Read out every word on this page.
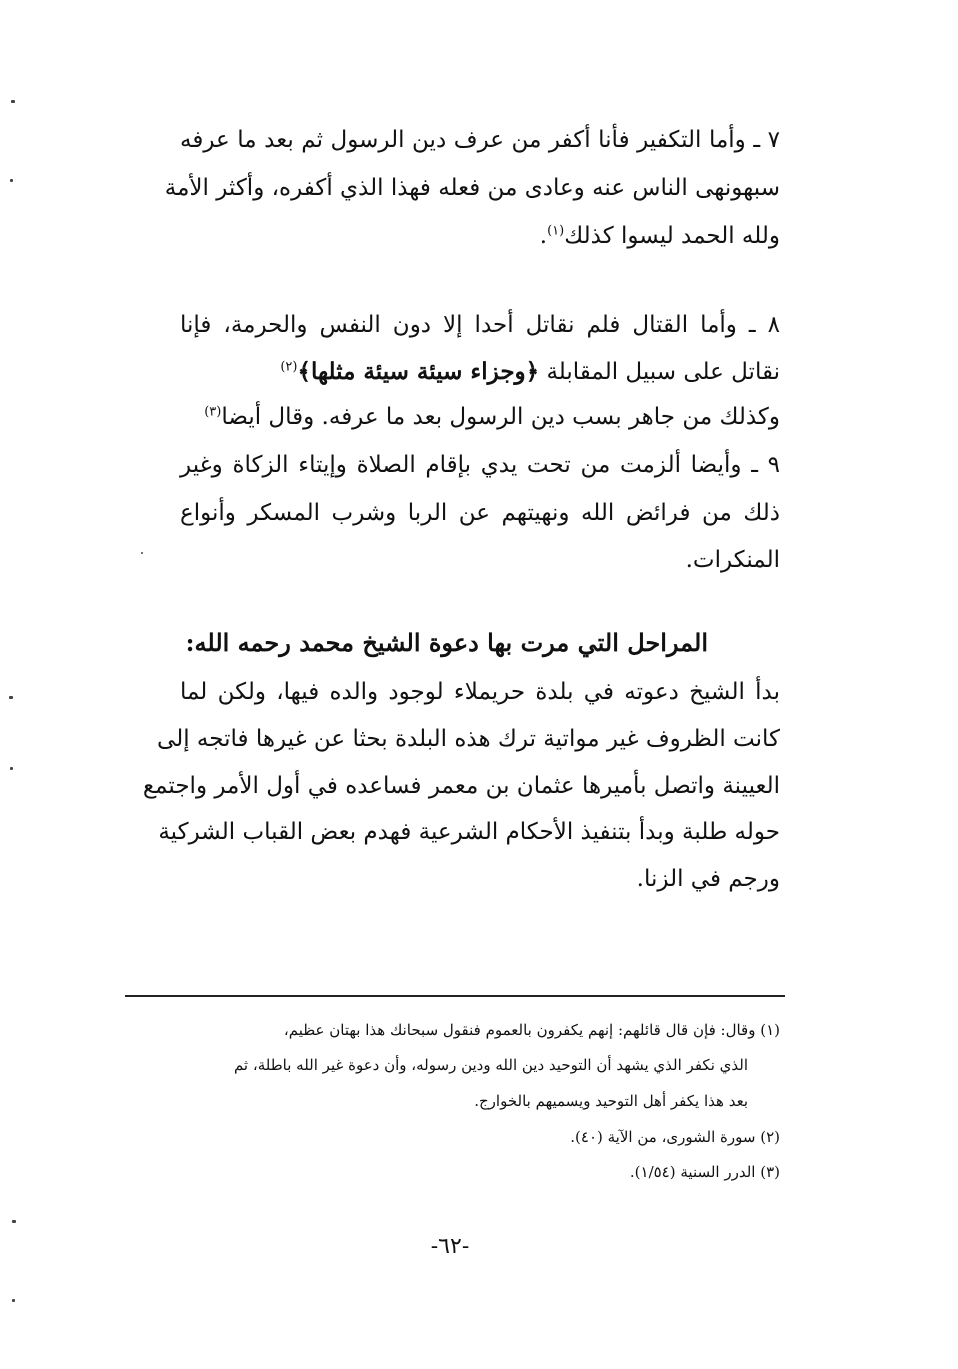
٧ ـ وأما التكفير فأنا أكفر من عرف دين الرسول ثم بعد ما عرفه
سبهونهى الناس عنه وعادى من فعله فهذا الذي أكفره، وأكثر الأمة
ولله الحمد ليسوا كذلك$^{(١)}$.
٨ ـ وأما القتال فلم نقاتل أحدا إلا دون النفس والحرمة، فإنا
نقاتل على سبيل المقابلة ﴿وجزاء سيئة سيئة مثلها﴾$^{(٢)}$
وكذلك من جاهر بسب دين الرسول بعد ما عرفه. وقال أيضا$^{(٣)}$
٩ ـ وأيضا ألزمت من تحت يدي بإقام الصلاة وإيتاء الزكاة وغير
ذلك من فرائض الله ونهيتهم عن الربا وشرب المسكر وأنواع
المنكرات.
المراحل التي مرت بها دعوة الشيخ محمد رحمه الله:
بدأ الشيخ دعوته في بلدة حريملاء لوجود والده فيها، ولكن لما
كانت الظروف غير مواتية ترك هذه البلدة بحثا عن غيرها فاتجه إلى
العيينة واتصل بأميرها عثمان بن معمر فساعده في أول الأمر واجتمع
حوله طلبة وبدأ بتنفيذ الأحكام الشرعية فهدم بعض القباب الشركية
ورجم في الزنا.
(١) وقال: فإن قال قائلهم: إنهم يكفرون بالعموم فنقول سبحانك هذا بهتان عظيم،
الذي نكفر الذي يشهد أن التوحيد دين الله ودين رسوله، وأن دعوة غير الله باطلة، ثم
بعد هذا يكفر أهل التوحيد ويسميهم بالخوارج.
(٢) سورة الشورى، من الآية (٤٠).
(٣) الدرر السنية (١/٥٤).
-٦٢-
